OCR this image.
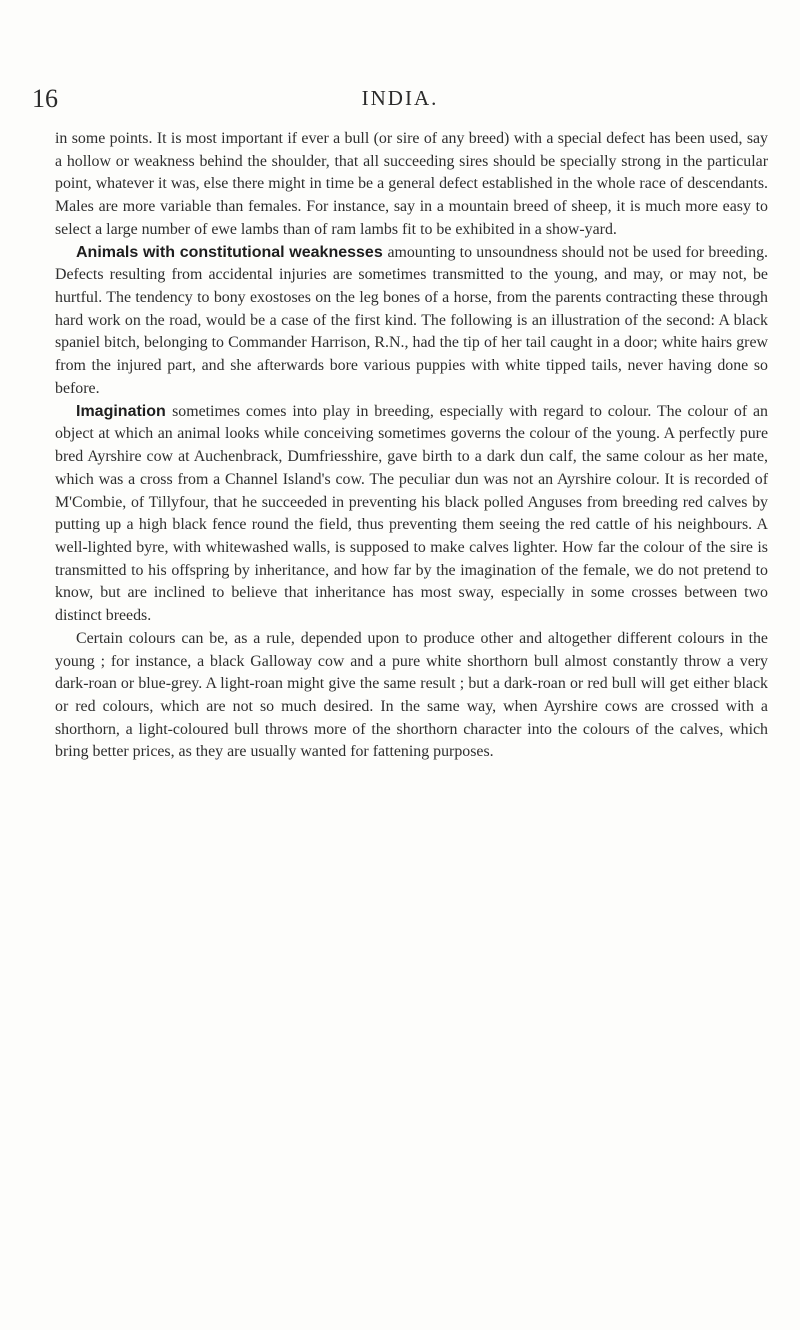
16	INDIA.

in some points. It is most important if ever a bull (or sire of any breed) with a special defect has been used, say a hollow or weakness behind the shoulder, that all succeeding sires should be specially strong in the particular point, whatever it was, else there might in time be a general defect established in the whole race of descendants. Males are more variable than females. For instance, say in a mountain breed of sheep, it is much more easy to select a large number of ewe lambs than of ram lambs fit to be exhibited in a show-yard.

Animals with constitutional weaknesses amounting to unsoundness should not be used for breeding. Defects resulting from accidental injuries are sometimes transmitted to the young, and may, or may not, be hurtful. The tendency to bony exostoses on the leg bones of a horse, from the parents contracting these through hard work on the road, would be a case of the first kind. The following is an illustration of the second: A black spaniel bitch, belonging to Commander Harrison, R.N., had the tip of her tail caught in a door; white hairs grew from the injured part, and she afterwards bore various puppies with white tipped tails, never having done so before.

Imagination sometimes comes into play in breeding, especially with regard to colour. The colour of an object at which an animal looks while conceiving sometimes governs the colour of the young. A perfectly pure bred Ayrshire cow at Auchenbrack, Dumfriesshire, gave birth to a dark dun calf, the same colour as her mate, which was a cross from a Channel Island's cow. The peculiar dun was not an Ayrshire colour. It is recorded of M'Combie, of Tillyfour, that he succeeded in preventing his black polled Anguses from breeding red calves by putting up a high black fence round the field, thus preventing them seeing the red cattle of his neighbours. A well-lighted byre, with whitewashed walls, is supposed to make calves lighter. How far the colour of the sire is transmitted to his offspring by inheritance, and how far by the imagination of the female, we do not pretend to know, but are inclined to believe that inheritance has most sway, especially in some crosses between two distinct breeds.

Certain colours can be, as a rule, depended upon to produce other and altogether different colours in the young ; for instance, a black Galloway cow and a pure white shorthorn bull almost constantly throw a very dark-roan or blue-grey. A light-roan might give the same result ; but a dark-roan or red bull will get either black or red colours, which are not so much desired. In the same way, when Ayrshire cows are crossed with a shorthorn, a light-coloured bull throws more of the shorthorn character into the colours of the calves, which bring better prices, as they are usually wanted for fattening purposes.
